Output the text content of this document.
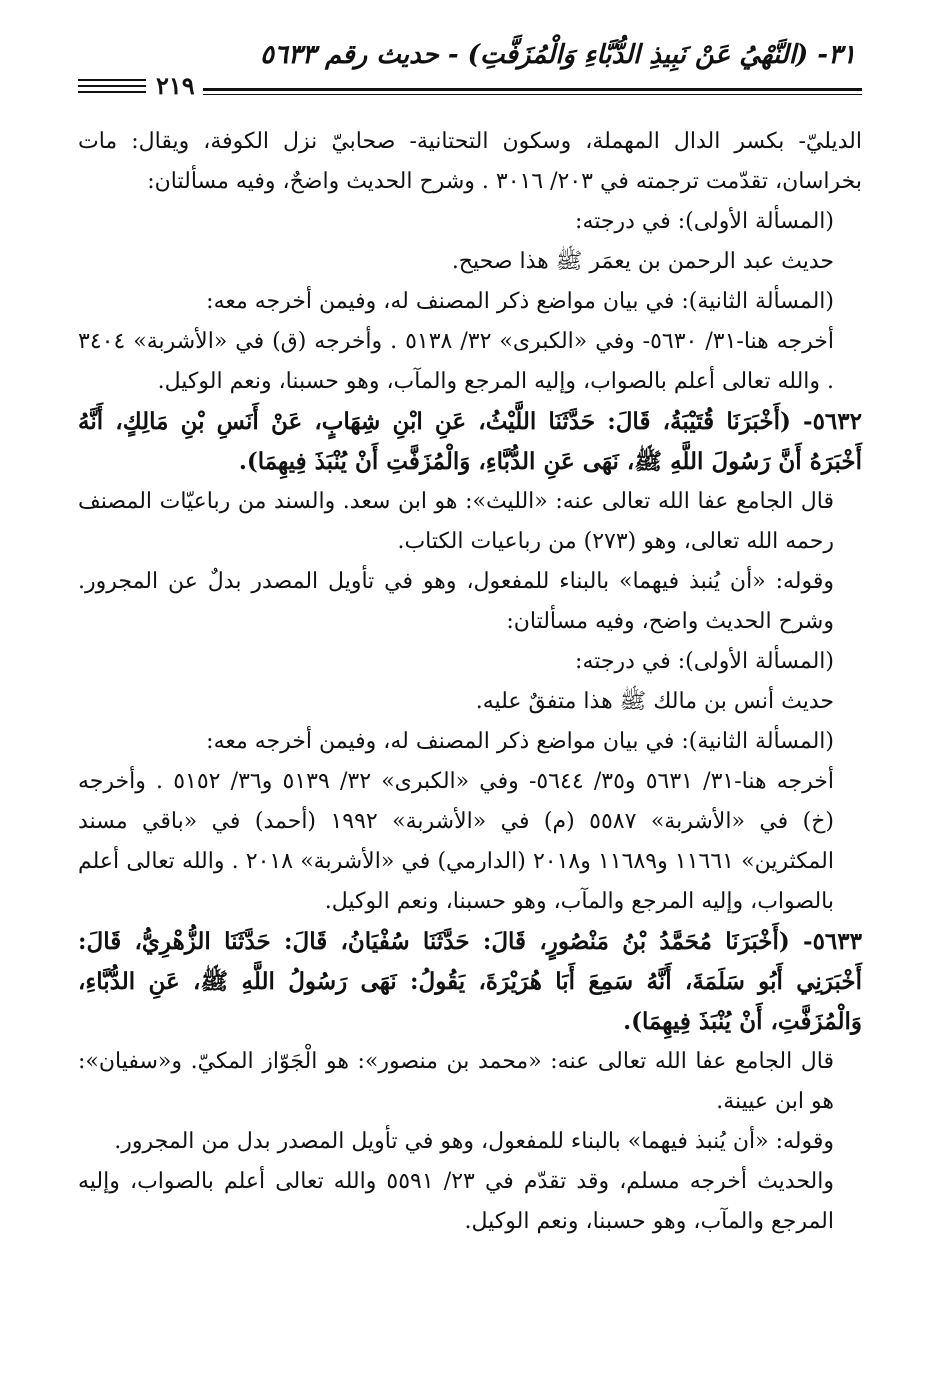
٣١- (النَّهْيُ عَنْ نَبِيذِ الدُّبَّاءِ وَالْمُزَفَّتِ) - حديث رقم ٥٦٣٣
٢١٩

الديليّ- بكسر الدال المهملة، وسكون التحتانية- صحابيّ نزل الكوفة، ويقال: مات بخراسان، تقدّمت ترجمته في ٢٠٣/ ٣٠١٦ . وشرح الحديث واضحٌ، وفيه مسألتان:

(المسألة الأولى): في درجته:

حديث عبد الرحمن بن يعمَر ﷺ هذا صحيح.

(المسألة الثانية): في بيان مواضع ذكر المصنف له، وفيمن أخرجه معه:

أخرجه هنا-٣١/ ٥٦٣٠- وفي «الكبرى» ٣٢/ ٥١٣٨ . وأخرجه (ق) في «الأشربة» ٣٤٠٤ . والله تعالى أعلم بالصواب، وإليه المرجع والمآب، وهو حسبنا، ونعم الوكيل.

٥٦٣٢- (أَخْبَرَنَا قُتَيْبَةُ، قَالَ: حَدَّثَنَا اللَّيْثُ، عَنِ ابْنِ شِهَابٍ، عَنْ أَنَسِ بْنِ مَالِكٍ، أَنَّهُ أَخْبَرَهُ أَنَّ رَسُولَ اللَّهِ ﷺ، نَهَى عَنِ الدُّبَّاءِ، وَالْمُزَفَّتِ أَنْ يُنْبَذَ فِيهِمَا).

قال الجامع عفا الله تعالى عنه: «الليث»: هو ابن سعد. والسند من رباعيّات المصنف رحمه الله تعالى، وهو (٢٧٣) من رباعيات الكتاب.

وقوله: «أن يُنبذ فيهما» بالبناء للمفعول، وهو في تأويل المصدر بدلٌ عن المجرور. وشرح الحديث واضح، وفيه مسألتان:

(المسألة الأولى): في درجته:

حديث أنس بن مالك ﷺ هذا متفقٌ عليه.

(المسألة الثانية): في بيان مواضع ذكر المصنف له، وفيمن أخرجه معه:

أخرجه هنا-٣١/ ٥٦٣١ و٣٥/ ٥٦٤٤- وفي «الكبرى» ٣٢/ ٥١٣٩ و٣٦/ ٥١٥٢ . وأخرجه (خ) في «الأشربة» ٥٥٨٧ (م) في «الأشربة» ١٩٩٢ (أحمد) في «باقي مسند المكثرين» ١١٦٦١ و١١٦٨٩ و٢٠١٨ (الدارمي) في «الأشربة» ٢٠١٨ . والله تعالى أعلم بالصواب، وإليه المرجع والمآب، وهو حسبنا، ونعم الوكيل.

٥٦٣٣- (أَخْبَرَنَا مُحَمَّدُ بْنُ مَنْصُورٍ، قَالَ: حَدَّثَنَا سُفْيَانُ، قَالَ: حَدَّثَنَا الزُّهْرِيُّ، قَالَ: أَخْبَرَنِي أَبُو سَلَمَةَ، أَنَّهُ سَمِعَ أَبَا هُرَيْرَةَ، يَقُولُ: نَهَى رَسُولُ اللَّهِ ﷺ، عَنِ الدُّبَّاءِ، وَالْمُزَفَّتِ، أَنْ يُنْبَذَ فِيهِمَا).

قال الجامع عفا الله تعالى عنه: «محمد بن منصور»: هو الْجَوّاز المكيّ. و«سفيان»: هو ابن عيينة.

وقوله: «أن يُنبذ فيهما» بالبناء للمفعول، وهو في تأويل المصدر بدل من المجرور.

والحديث أخرجه مسلم، وقد تقدّم في ٢٣/ ٥٥٩١ والله تعالى أعلم بالصواب، وإليه المرجع والمآب، وهو حسبنا، ونعم الوكيل.
